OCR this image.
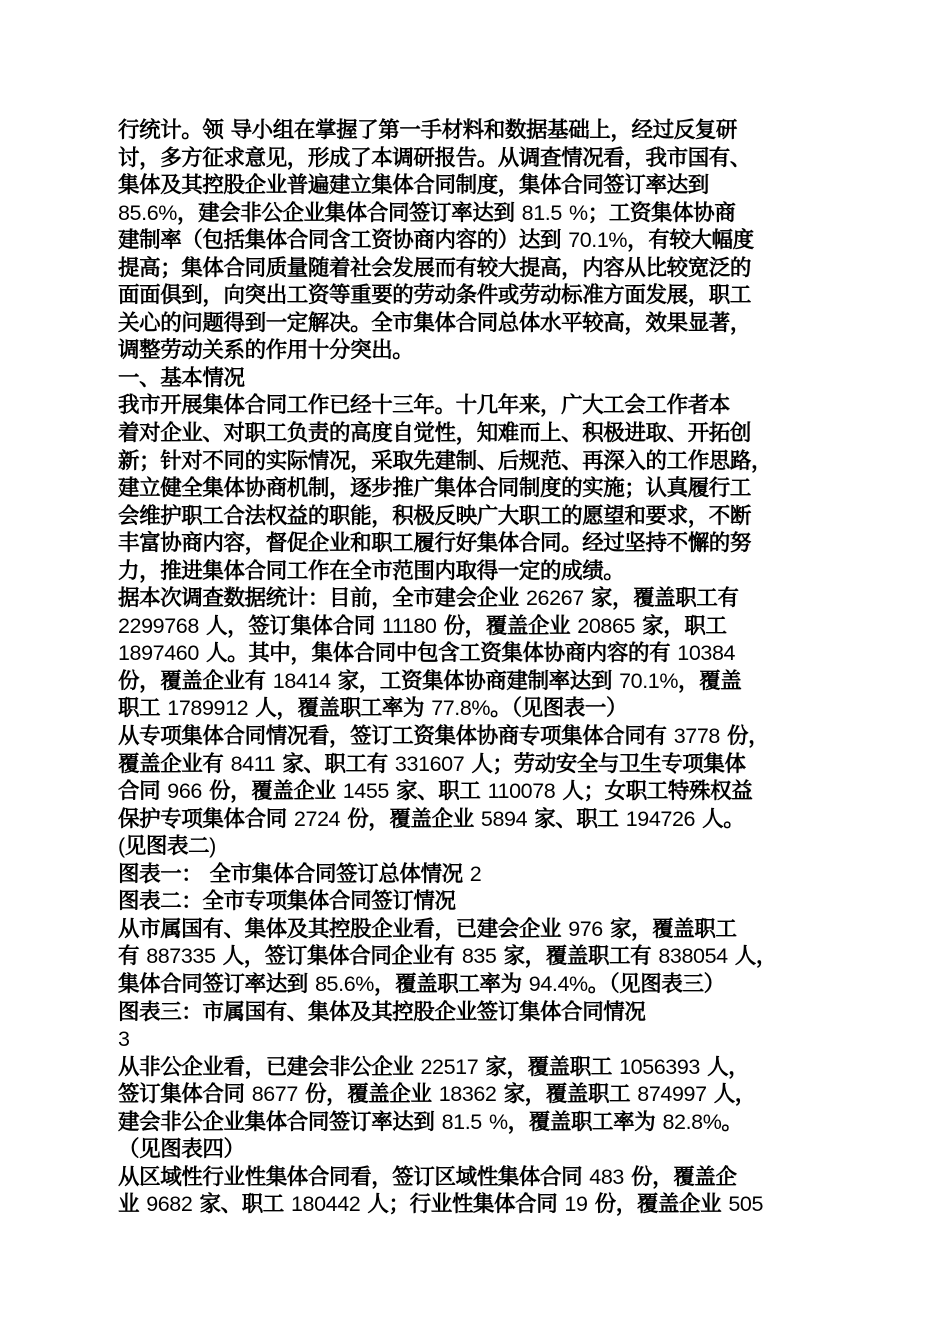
行统计。领 导小组在掌握了第一手材料和数据基础上，经过反复研
讨，多方征求意见，形成了本调研报告。从调查情况看，我市国有、
集体及其控股企业普遍建立集体合同制度，集体合同签订率达到
85.6%，建会非公企业集体合同签订率达到 81.5 %；工资集体协商
建制率（包括集体合同含工资协商内容的）达到 70.1%，有较大幅度
提高；集体合同质量随着社会发展而有较大提高，内容从比较宽泛的
面面俱到，向突出工资等重要的劳动条件或劳动标准方面发展，职工
关心的问题得到一定解决。全市集体合同总体水平较高，效果显著，
调整劳动关系的作用十分突出。
一、基本情况
我市开展集体合同工作已经十三年。十几年来，广大工会工作者本
着对企业、对职工负责的高度自觉性，知难而上、积极进取、开拓创
新；针对不同的实际情况，采取先建制、后规范、再深入的工作思路，
建立健全集体协商机制，逐步推广集体合同制度的实施；认真履行工
会维护职工合法权益的职能，积极反映广大职工的愿望和要求，不断
丰富协商内容，督促企业和职工履行好集体合同。经过坚持不懈的努
力，推进集体合同工作在全市范围内取得一定的成绩。
据本次调查数据统计：目前，全市建会企业 26267 家，覆盖职工有
2299768 人，签订集体合同 11180 份，覆盖企业 20865 家，职工
1897460 人。其中，集体合同中包含工资集体协商内容的有 10384
份，覆盖企业有 18414 家，工资集体协商建制率达到 70.1%，覆盖
职工 1789912 人，覆盖职工率为 77.8%。（见图表一）
从专项集体合同情况看，签订工资集体协商专项集体合同有 3778 份，
覆盖企业有 8411 家、职工有 331607 人；劳动安全与卫生专项集体
合同 966 份，覆盖企业 1455 家、职工 110078 人；女职工特殊权益
保护专项集体合同 2724 份，覆盖企业 5894 家、职工 194726 人。
(见图表二)
图表一： 全市集体合同签订总体情况 2
图表二：全市专项集体合同签订情况
从市属国有、集体及其控股企业看，已建会企业 976 家，覆盖职工
有 887335 人，签订集体合同企业有 835 家，覆盖职工有 838054 人，
集体合同签订率达到 85.6%，覆盖职工率为 94.4%。（见图表三）
图表三：市属国有、集体及其控股企业签订集体合同情况
3
从非公企业看，已建会非公企业 22517 家，覆盖职工 1056393 人，
签订集体合同 8677 份，覆盖企业 18362 家，覆盖职工 874997 人，
建会非公企业集体合同签订率达到 81.5 %，覆盖职工率为 82.8%。
（见图表四）
从区域性行业性集体合同看，签订区域性集体合同 483 份，覆盖企
业 9682 家、职工 180442 人；行业性集体合同 19 份，覆盖企业 505
